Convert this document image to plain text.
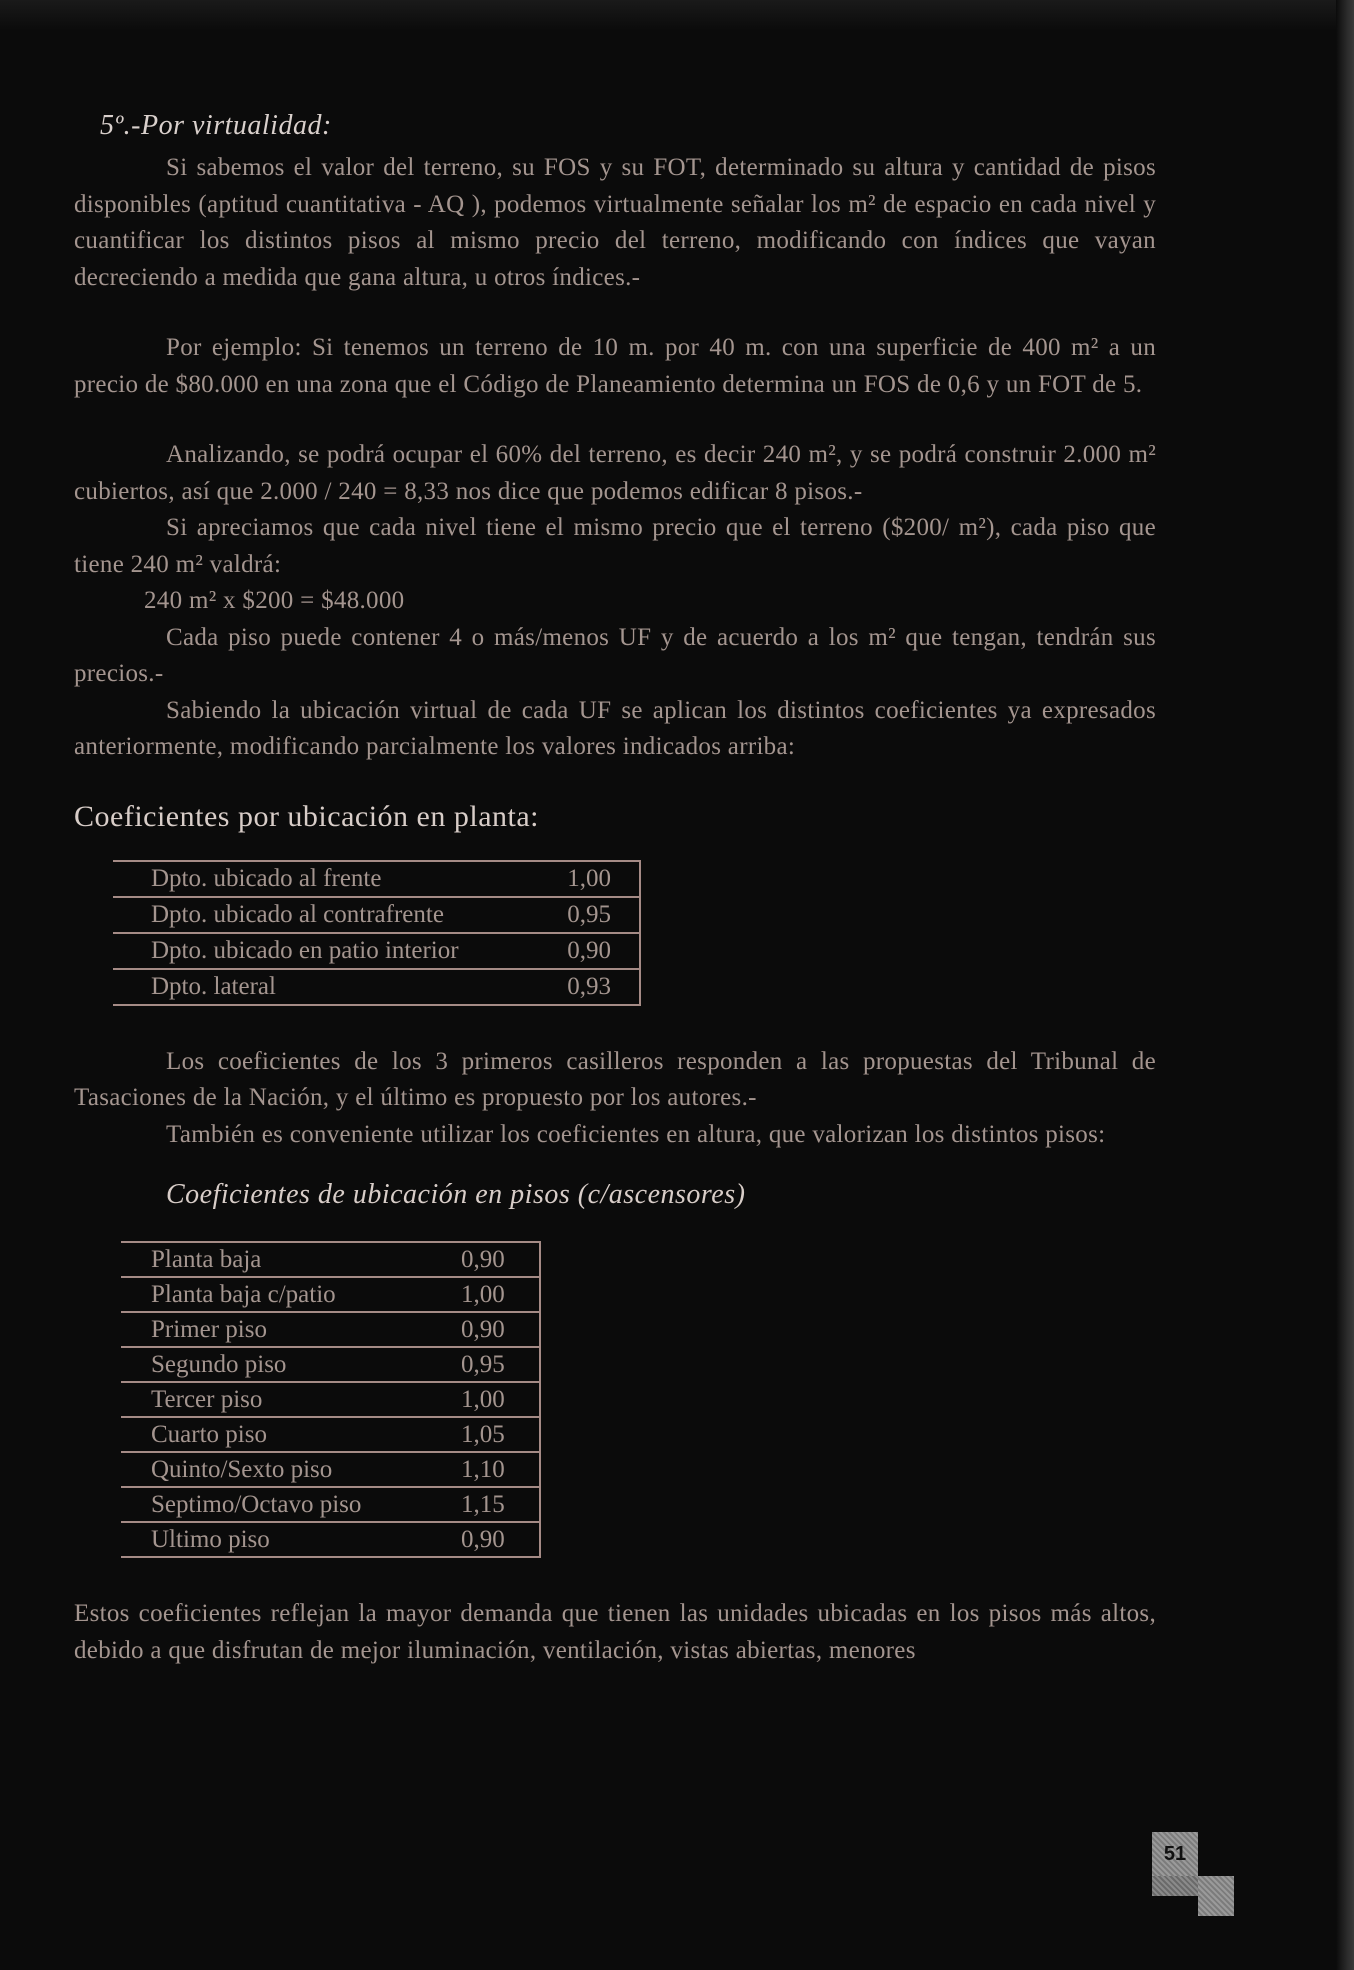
5º.-Por virtualidad:

Si sabemos el valor del terreno, su FOS y su FOT, determinado su altura y cantidad de pisos disponibles (aptitud cuantitativa - AQ ), podemos virtualmente señalar los m² de espacio en cada nivel y cuantificar los distintos pisos al mismo precio del terreno, modificando con índices que vayan decreciendo a medida que gana altura, u otros índices.-

Por ejemplo: Si tenemos un terreno de 10 m. por 40 m. con una superficie de 400 m² a un precio de $80.000 en una zona que el Código de Planeamiento determina un FOS de 0,6 y un FOT de 5.

Analizando, se podrá ocupar el 60% del terreno, es decir 240 m², y se podrá construir 2.000 m² cubiertos, así que 2.000 / 240 = 8,33 nos dice que podemos edificar 8 pisos.-

Si apreciamos que cada nivel tiene el mismo precio que el terreno ($200/ m²), cada piso que tiene 240 m² valdrá:

240 m² x $200 = $48.000

Cada piso puede contener 4 o más/menos UF y de acuerdo a los m² que tengan, tendrán sus precios.-

Sabiendo la ubicación virtual de cada UF se aplican los distintos coeficientes ya expresados anteriormente, modificando parcialmente los valores indicados arriba:

Coeficientes por ubicación en planta:
Dpto. ubicado al frente	1,00
Dpto. ubicado al contrafrente	0,95
Dpto. ubicado en patio interior	0,90
Dpto. lateral	0,93

Los coeficientes de los 3 primeros casilleros responden a las propuestas del Tribunal de Tasaciones de la Nación, y el último es propuesto por los autores.-

También es conveniente utilizar los coeficientes en altura, que valorizan los distintos pisos:

Coeficientes de ubicación en pisos (c/ascensores)
Planta baja	0,90
Planta baja c/patio	1,00
Primer piso	0,90
Segundo piso	0,95
Tercer piso	1,00
Cuarto piso	1,05
Quinto/Sexto piso	1,10
Septimo/Octavo piso	1,15
Ultimo piso	0,90

Estos coeficientes reflejan la mayor demanda que tienen las unidades ubicadas en los pisos más altos, debido a que disfrutan de mejor iluminación, ventilación, vistas abiertas, menores

51
